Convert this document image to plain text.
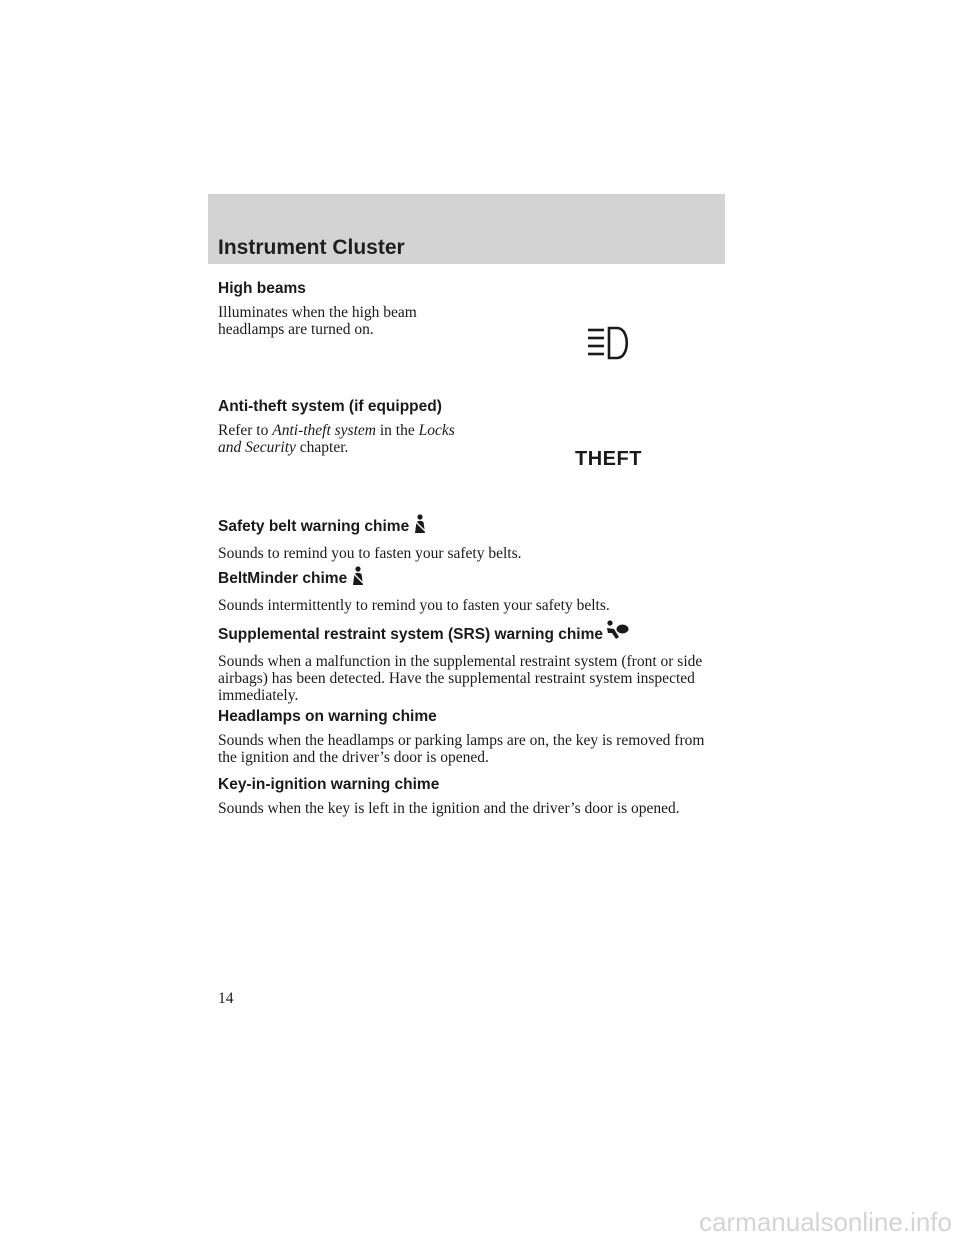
Instrument Cluster
High beams
Illuminates when the high beam headlamps are turned on.
Anti-theft system (if equipped)
Refer to Anti-theft system in the Locks and Security chapter.
THEFT
Safety belt warning chime
Sounds to remind you to fasten your safety belts.
BeltMinder chime
Sounds intermittently to remind you to fasten your safety belts.
Supplemental restraint system (SRS) warning chime
Sounds when a malfunction in the supplemental restraint system (front or side airbags) has been detected. Have the supplemental restraint system inspected immediately.
Headlamps on warning chime
Sounds when the headlamps or parking lamps are on, the key is removed from the ignition and the driver’s door is opened.
Key-in-ignition warning chime
Sounds when the key is left in the ignition and the driver’s door is opened.
14
carmanualsonline.info
